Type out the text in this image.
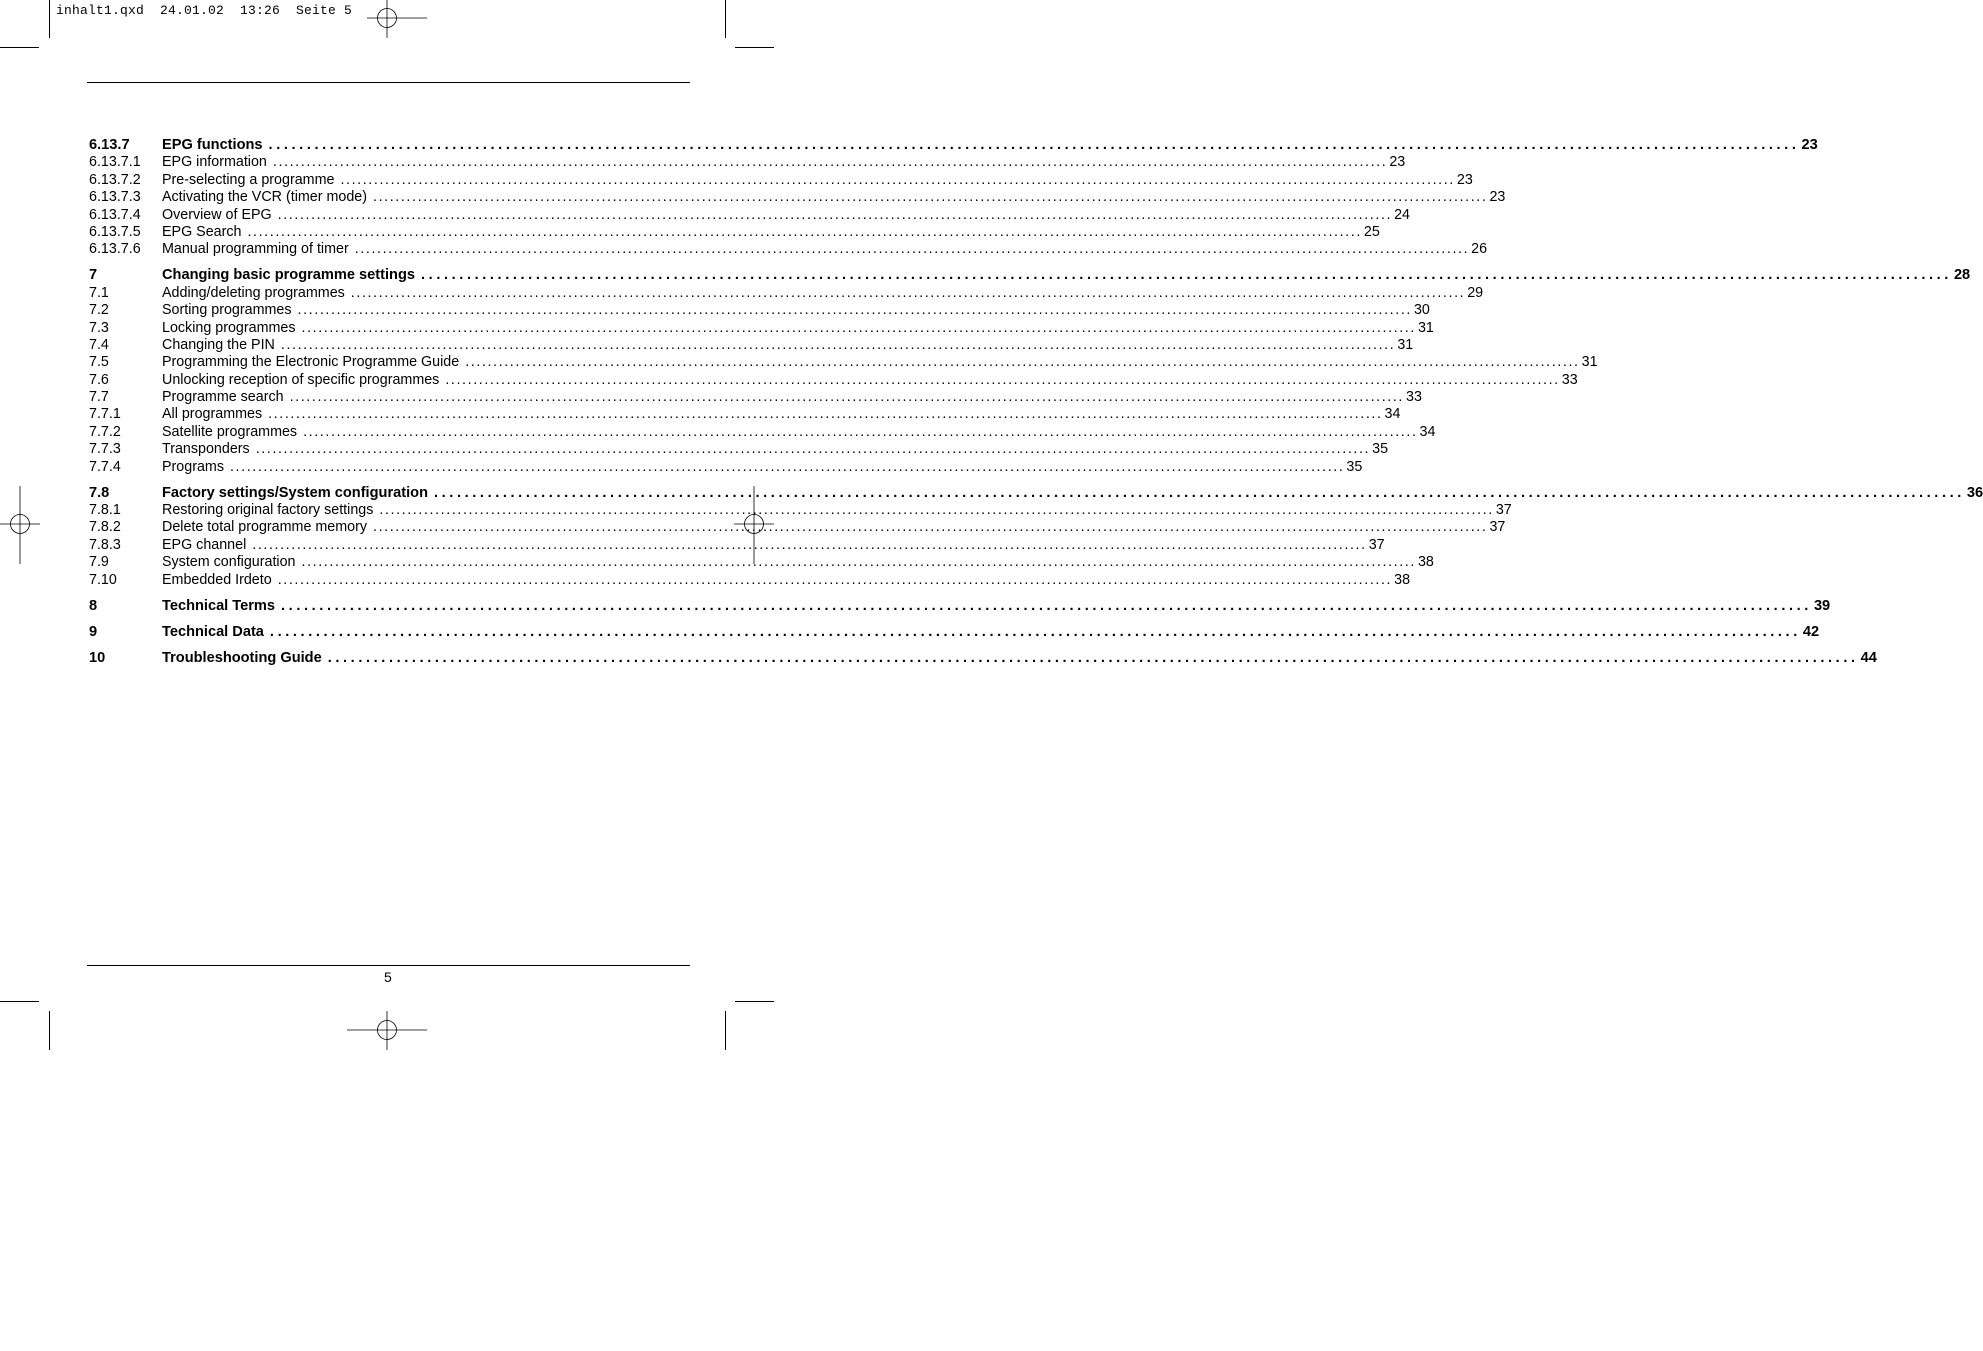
inhalt1.qxd  24.01.02  13:26  Seite 5
6.13.7	EPG functions ........................................................................................................................................................................................................ 23
6.13.7.1	EPG information ........................................................................................................................................................................................................ 23
6.13.7.2	Pre-selecting a programme ........................................................................................................................................................................................................ 23
6.13.7.3	Activating the VCR (timer mode) ........................................................................................................................................................................................................ 23
6.13.7.4	Overview of EPG ........................................................................................................................................................................................................ 24
6.13.7.5	EPG Search ........................................................................................................................................................................................................ 25
6.13.7.6	Manual programming of timer ........................................................................................................................................................................................................ 26
7	Changing basic programme settings ........................................................................................................................................................................................................ 28
7.1	Adding/deleting programmes ........................................................................................................................................................................................................ 29
7.2	Sorting programmes ........................................................................................................................................................................................................ 30
7.3	Locking programmes ........................................................................................................................................................................................................ 31
7.4	Changing the PIN ........................................................................................................................................................................................................ 31
7.5	Programming the Electronic Programme Guide ........................................................................................................................................................................................................ 31
7.6	Unlocking reception of specific programmes ........................................................................................................................................................................................................ 33
7.7	Programme search ........................................................................................................................................................................................................ 33
7.7.1	All programmes ........................................................................................................................................................................................................ 34
7.7.2	Satellite programmes ........................................................................................................................................................................................................ 34
7.7.3	Transponders ........................................................................................................................................................................................................ 35
7.7.4	Programs ........................................................................................................................................................................................................ 35
7.8	Factory settings/System configuration ........................................................................................................................................................................................................ 36
7.8.1	Restoring original factory settings ........................................................................................................................................................................................................ 37
7.8.2	Delete total programme memory ........................................................................................................................................................................................................ 37
7.8.3	EPG channel ........................................................................................................................................................................................................ 37
7.9	System configuration ........................................................................................................................................................................................................ 38
7.10	Embedded Irdeto ........................................................................................................................................................................................................ 38
8	Technical Terms ........................................................................................................................................................................................................ 39
9	Technical Data ........................................................................................................................................................................................................ 42
10	Troubleshooting Guide ........................................................................................................................................................................................................ 44
5
